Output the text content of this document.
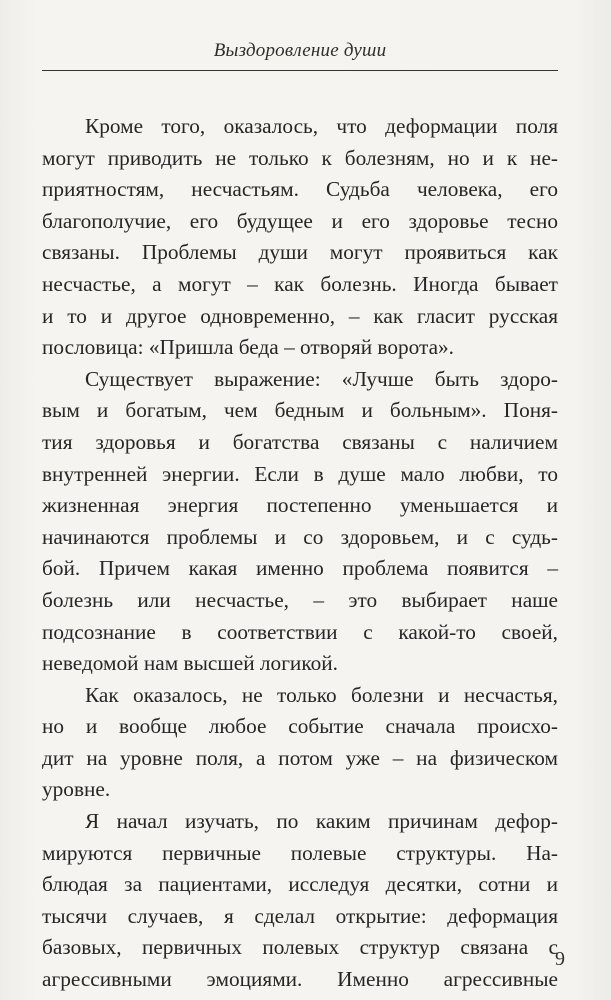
Выздоровление души
Кроме того, оказалось, что деформации поля
могут приводить не только к болезням, но и к не-
приятностям, несчастьям. Судьба человека, его
благополучие, его будущее и его здоровье тесно
связаны. Проблемы души могут проявиться как
несчастье, а могут – как болезнь. Иногда бывает
и то и другое одновременно, – как гласит русская
пословица: «Пришла беда – отворяй ворота».
Существует выражение: «Лучше быть здоро-
вым и богатым, чем бедным и больным». Поня-
тия здоровья и богатства связаны с наличием
внутренней энергии. Если в душе мало любви, то
жизненная энергия постепенно уменьшается и
начинаются проблемы и со здоровьем, и с судь-
бой. Причем какая именно проблема появится –
болезнь или несчастье, – это выбирает наше
подсознание в соответствии с какой-то своей,
неведомой нам высшей логикой.
Как оказалось, не только болезни и несчастья,
но и вообще любое событие сначала происхо-
дит на уровне поля, а потом уже – на физическом
уровне.
Я начал изучать, по каким причинам дефор-
мируются первичные полевые структуры. На-
блюдая за пациентами, исследуя десятки, сотни и
тысячи случаев, я сделал открытие: деформация
базовых, первичных полевых структур связана с
агрессивными эмоциями. Именно агрессивные
9
